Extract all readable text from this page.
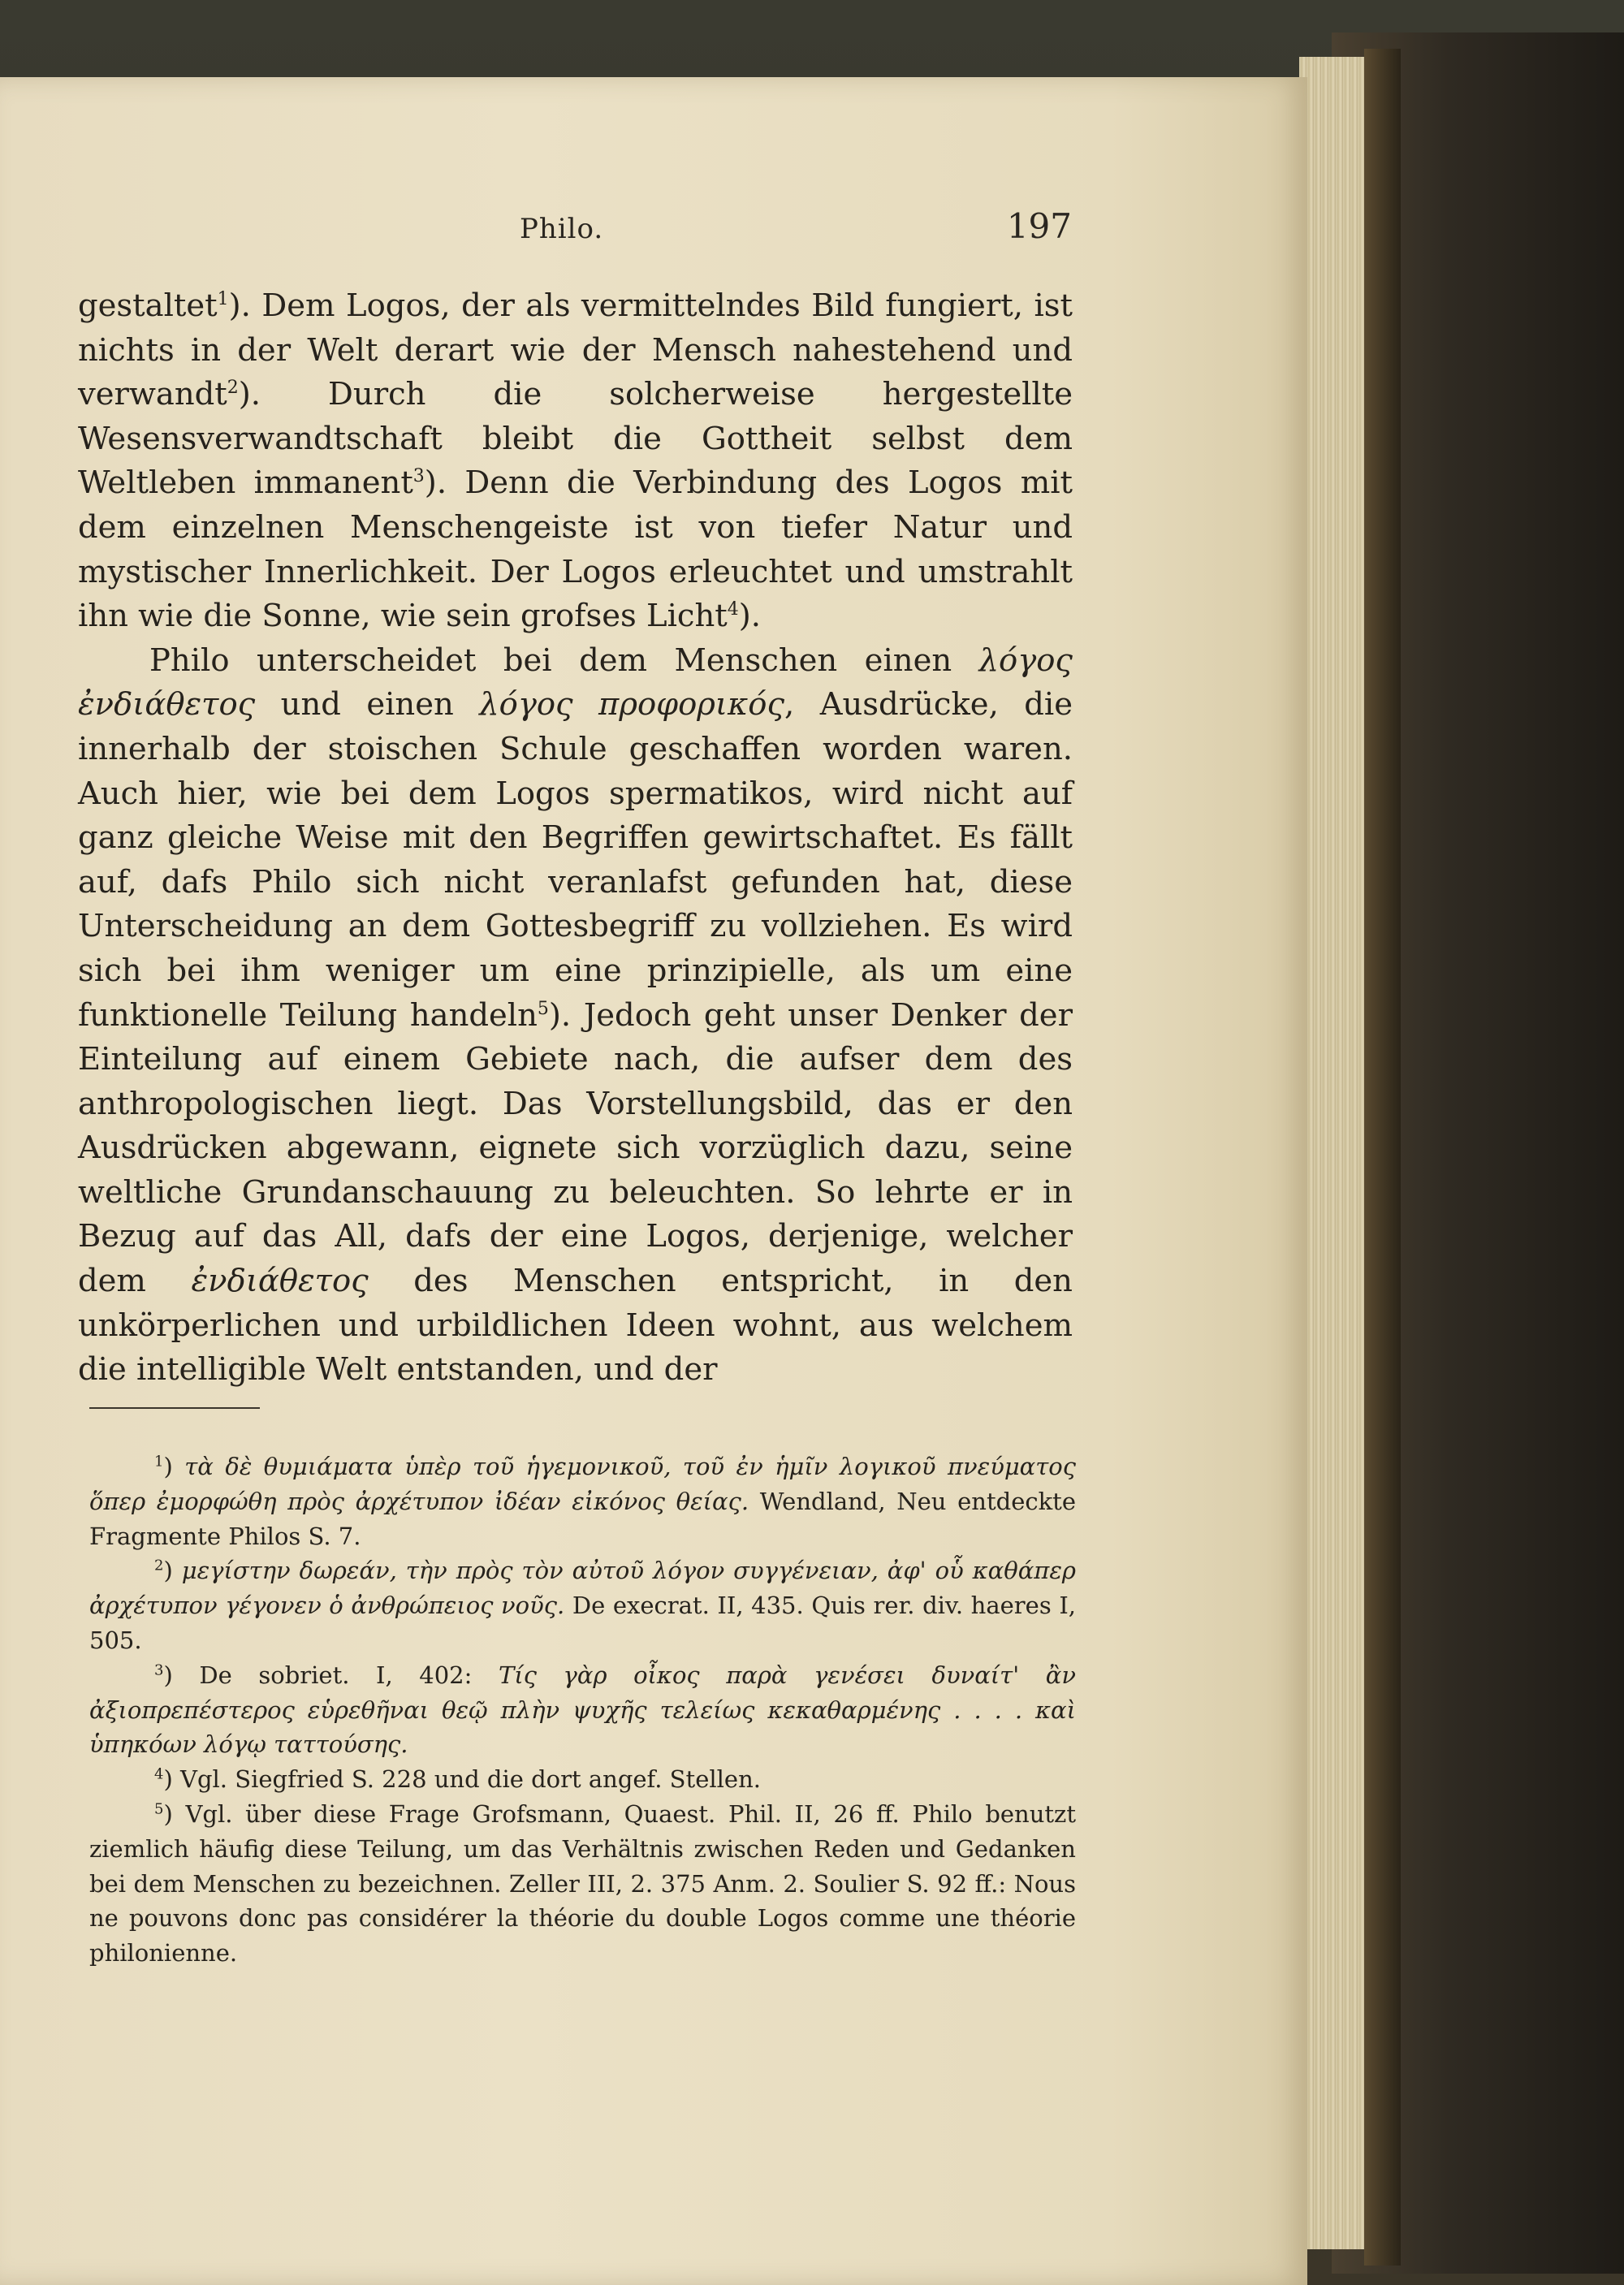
Philo.	197

gestaltet$^1$). Dem Logos, der als vermittelndes Bild fungiert, ist nichts in der Welt derart wie der Mensch nahestehend und verwandt$^2$). Durch die solcherweise hergestellte Wesensverwandtschaft bleibt die Gottheit selbst dem Weltleben immanent$^3$). Denn die Verbindung des Logos mit dem einzelnen Menschengeiste ist von tiefer Natur und mystischer Innerlichkeit. Der Logos erleuchtet und umstrahlt ihn wie die Sonne, wie sein grofses Licht$^4$).

Philo unterscheidet bei dem Menschen einen λόγος ἐνδιάθετος und einen λόγος προφορικός, Ausdrücke, die innerhalb der stoischen Schule geschaffen worden waren. Auch hier, wie bei dem Logos spermatikos, wird nicht auf ganz gleiche Weise mit den Begriffen gewirtschaftet. Es fällt auf, dafs Philo sich nicht veranlafst gefunden hat, diese Unterscheidung an dem Gottesbegriff zu vollziehen. Es wird sich bei ihm weniger um eine prinzipielle, als um eine funktionelle Teilung handeln$^5$). Jedoch geht unser Denker der Einteilung auf einem Gebiete nach, die aufser dem des anthropologischen liegt. Das Vorstellungsbild, das er den Ausdrücken abgewann, eignete sich vorzüglich dazu, seine weltliche Grundanschauung zu beleuchten. So lehrte er in Bezug auf das All, dafs der eine Logos, derjenige, welcher dem ἐνδιάθετος des Menschen entspricht, in den unkörperlichen und urbildlichen Ideen wohnt, aus welchem die intelligible Welt entstanden, und der

$^1$) τὰ δὲ θυμιάματα ὑπὲρ τοῦ ἡγεμονικοῦ, τοῦ ἐν ἡμῖν λογικοῦ πνεύματος ὅπερ ἐμορφώθη πρὸς ἀρχέτυπον ἰδέαν εἰκόνος θείας. Wendland, Neu entdeckte Fragmente Philos S. 7.

$^2$) μεγίστην δωρεάν, τὴν πρὸς τὸν αὐτοῦ λόγον συγγένειαν, ἀφ' οὗ καθάπερ ἀρχέτυπον γέγονεν ὁ ἀνθρώπειος νοῦς. De execrat. II, 435. Quis rer. div. haeres I, 505.

$^3$) De sobriet. I, 402: Τίς γὰρ οἶκος παρὰ γενέσει δυναίτ' ἂν ἀξιοπρεπέστερος εὑρεθῆναι θεῷ πλὴν ψυχῆς τελείως κεκαθαρμένης . . . . καὶ ὑπηκόων λόγῳ ταττούσης.

$^4$) Vgl. Siegfried S. 228 und die dort angef. Stellen.

$^5$) Vgl. über diese Frage Grofsmann, Quaest. Phil. II, 26 ff. Philo benutzt ziemlich häufig diese Teilung, um das Verhältnis zwischen Reden und Gedanken bei dem Menschen zu bezeichnen. Zeller III, 2. 375 Anm. 2. Soulier S. 92 ff.: Nous ne pouvons donc pas considérer la théorie du double Logos comme une théorie philonienne.
